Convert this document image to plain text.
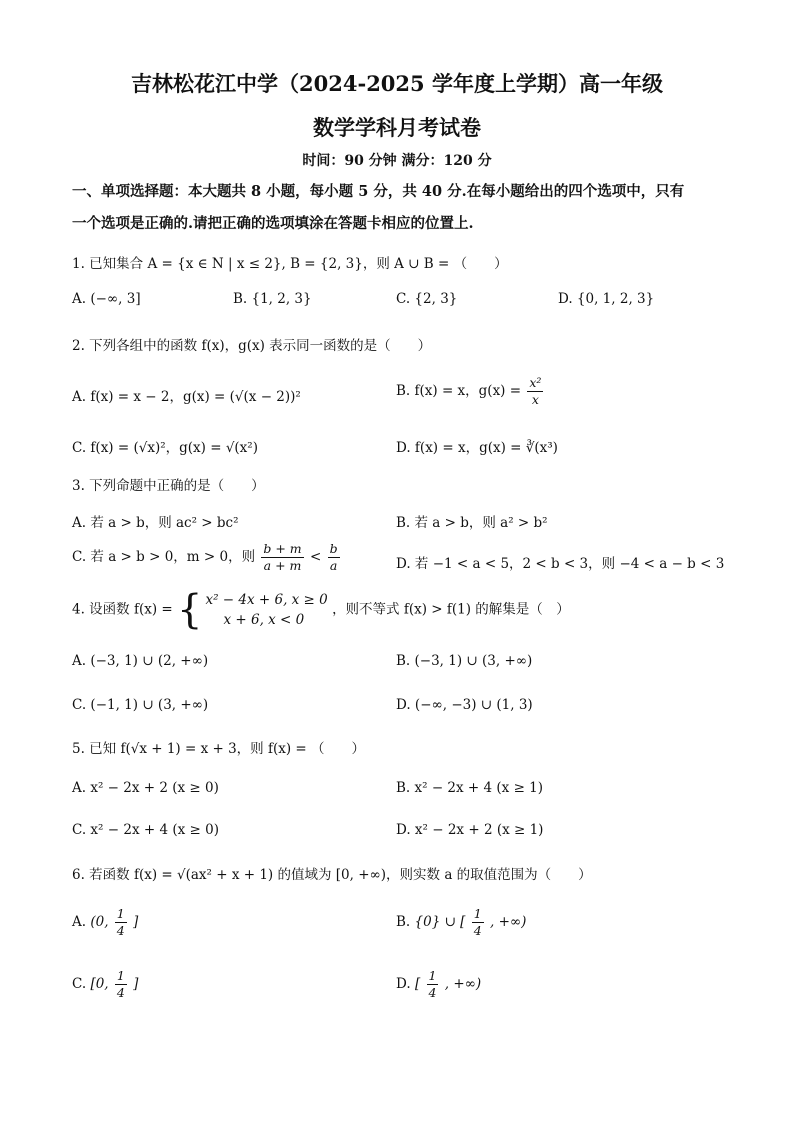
吉林松花江中学（2024-2025 学年度上学期）高一年级
数学学科月考试卷
时间：90 分钟 满分：120 分
一、单项选择题：本大题共 8 小题，每小题 5 分，共 40 分.在每小题给出的四个选项中，只有
一个选项是正确的.请把正确的选项填涂在答题卡相应的位置上.
1. 已知集合 A = {x ∈ N | x ≤ 2}, B = {2, 3}，则 A ∪ B = （　　）
A. (−∞, 3]	B. {1, 2, 3}	C. {2, 3}	D. {0, 1, 2, 3}
2. 下列各组中的函数 f(x)，g(x) 表示同一函数的是（　　）
A. f(x) = x − 2，g(x) = (√(x − 2))²	B. f(x) = x，$g(x) = \frac{\text{x²}}{x}$
C. f(x) = (√x)²，g(x) = √(x²)	D. f(x) = x，g(x) = ∛(x³)
3. 下列命题中正确的是（　　）
A. 若 a > b，则 ac² > bc²	B. 若 a > b，则 a² > b²
C. 若 a > b > 0，m > 0，则 $\frac{b + m}{a + m} < \frac{b}{a}$	D. 若 −1 < a < 5，2 < b < 3，则 −4 < a − b < 3
4. 设函数 f(x) = { x² − 4x + 6, x ≥ 0
x + 6, x < 0
，则不等式 f(x) > f(1) 的解集是（　）
A. (−3, 1) ∪ (2, +∞)	B. (−3, 1) ∪ (3, +∞)
C. (−1, 1) ∪ (3, +∞)	D. (−∞, −3) ∪ (1, 3)
5. 已知 f(√x + 1) = x + 3，则 f(x) = （　　）
A. x² − 2x + 2 (x ≥ 0)	B. x² − 2x + 4 (x ≥ 1)
C. x² − 2x + 4 (x ≥ 0)	D. x² − 2x + 2 (x ≥ 1)
6. 若函数 f(x) = √(ax² + x + 1) 的值域为 [0, +∞)，则实数 a 的取值范围为（　　）
A. (0, $\frac{1}{4}$ ]	B. {0} ∪ [ $\frac{1}{4}$ , +∞)
C. [0, $\frac{1}{4}$ ]	D. [ $\frac{1}{4}$ , +∞)
